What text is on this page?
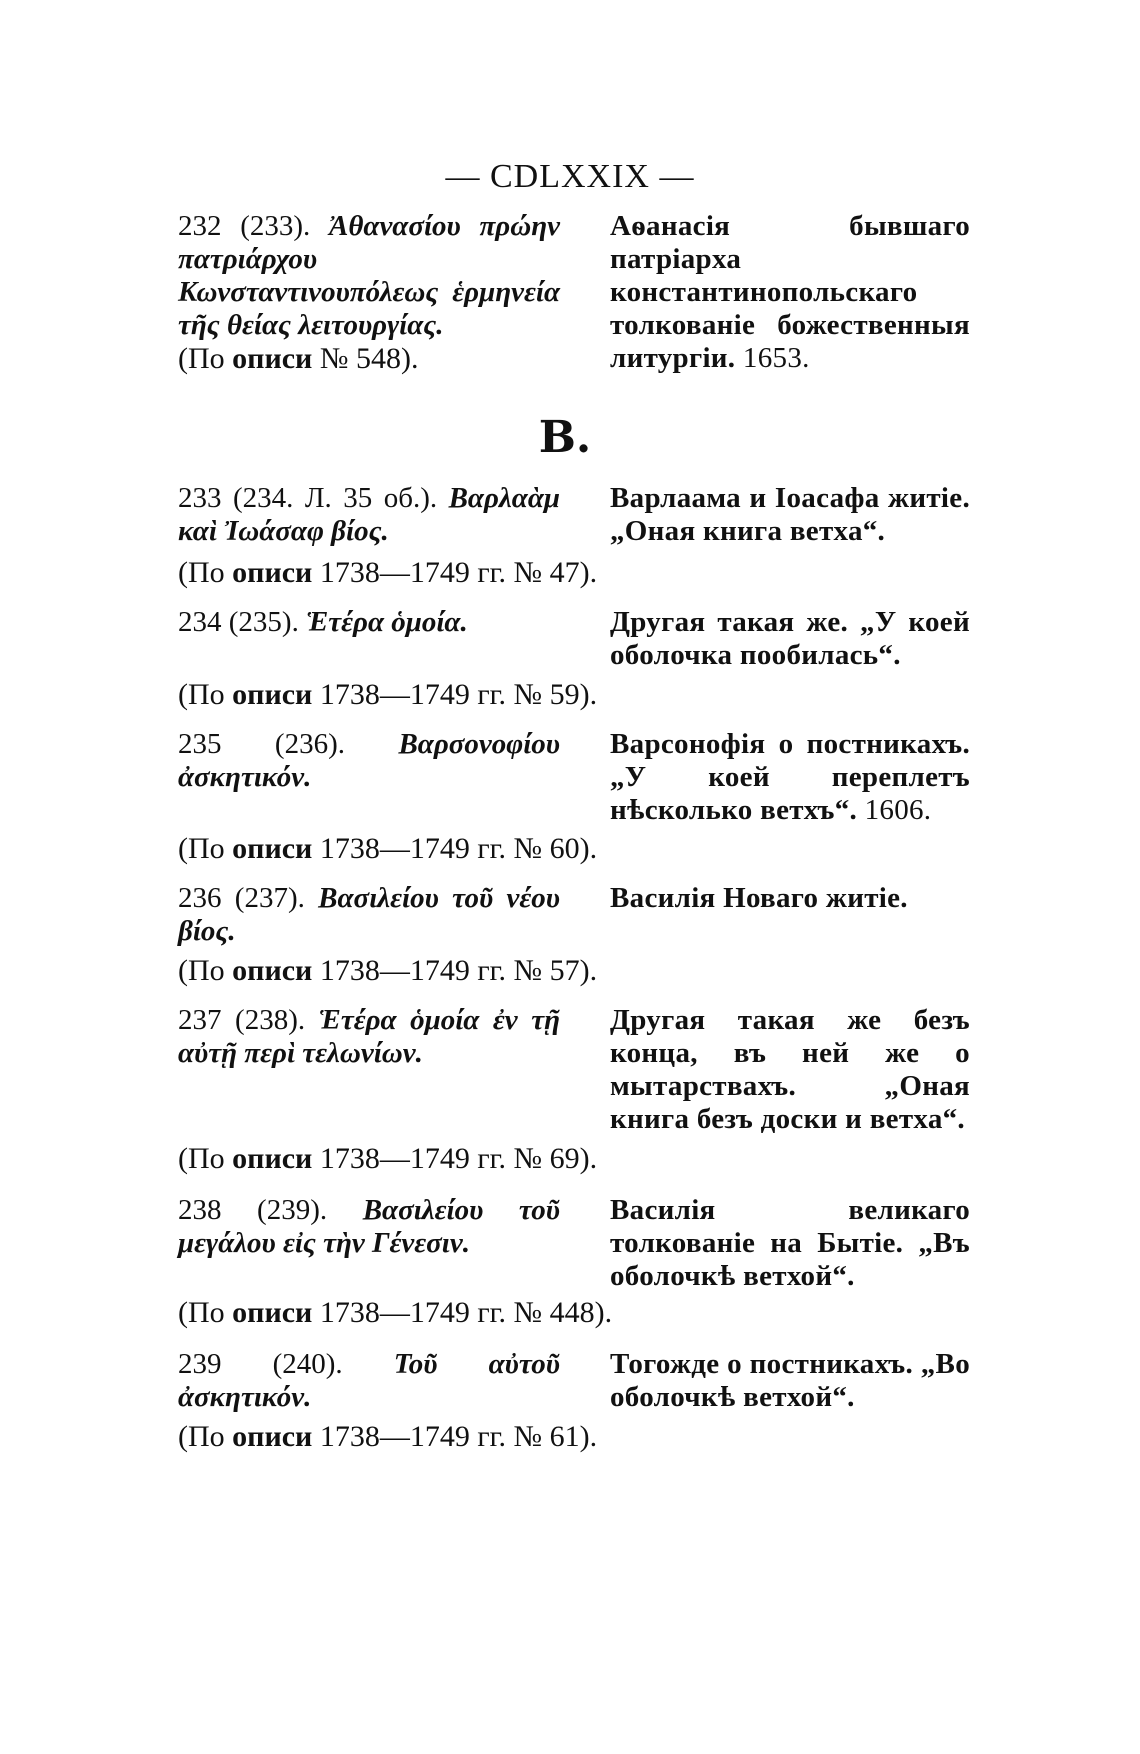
— CDLXXIX —
232 (233). Ἀθανασίου πρώην πατριάρχου Κωνσταντινουπόλεως ἑρμηνεία τῆς θείας λειτουργίας.
Аѳанасія бывшаго патріарха константинопольскаго толкованіе божественныя литургіи. 1653.
(По описи № 548).
В.
233 (234. Л. 35 об.). Βαρλαὰμ καὶ Ἰωάσαφ βίος.
Варлаама и Іоасафа житіе. „Оная книга ветха“.
(По описи 1738—1749 гг. № 47).
234 (235). Ἑτέρα ὁμοία.	Другая такая же. „У коей оболочка пообилась“.
(По описи 1738—1749 гг. № 59).
235 (236). Βαρσονοφίου ἀσκητικόν.
Варсонофія о постникахъ. „У коей переплетъ нѣсколько ветхъ“. 1606.
(По описи 1738—1749 гг. № 60).
236 (237). Βασιλείου τοῦ νέου βίος.
Василія Новаго житіе.
(По описи 1738—1749 гг. № 57).
237 (238). Ἑτέρα ὁμοία ἐν τῇ αὐτῇ περὶ τελωνίων.
Другая такая же безъ конца, въ ней же о мытарствахъ. „Оная книга безъ доски и ветха“.
(По описи 1738—1749 гг. № 69).
238 (239). Βασιλείου τοῦ μεγάλου εἰς τὴν Γένεσιν.
Василія великаго толкованіе на Бытіе. „Въ оболочкѣ ветхой“.
(По описи 1738—1749 гг. № 448).
239 (240). Τοῦ αὐτοῦ ἀσκητικόν.
Тогожде о постникахъ. „Во оболочкѣ ветхой“.
(По описи 1738—1749 гг. № 61).
